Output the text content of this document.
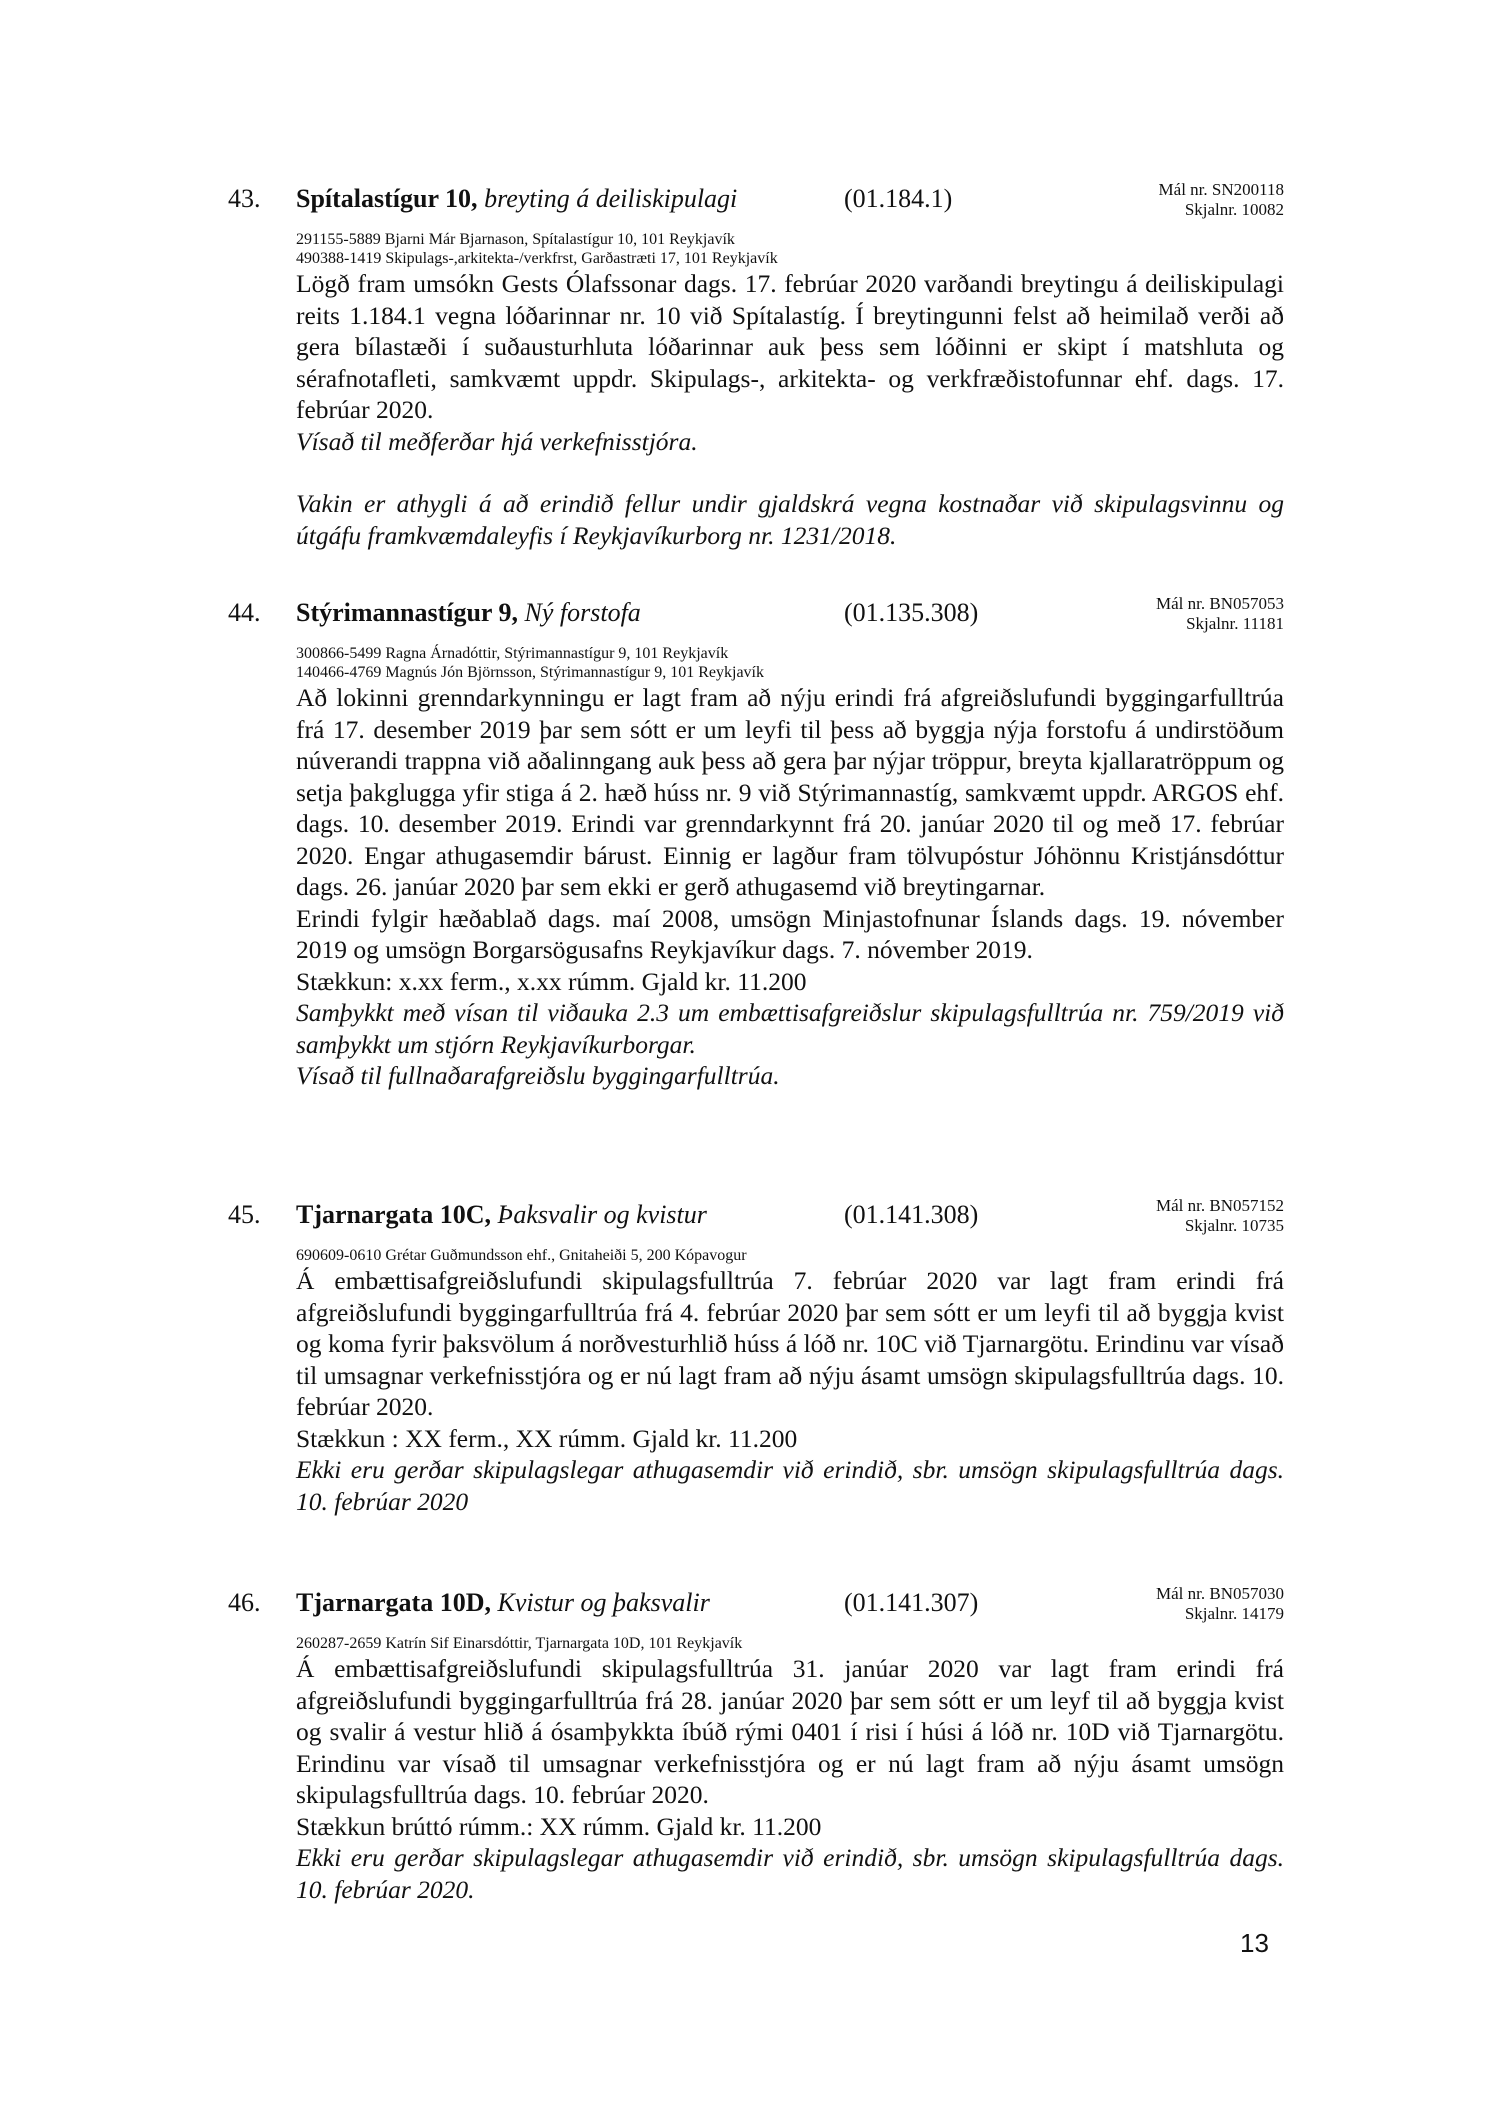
43. Spítalastígur 10, breyting á deiliskipulagi	(01.184.1)	Mál nr. SN200118
Skjalnr. 10082
291155-5889 Bjarni Már Bjarnason, Spítalastígur 10, 101 Reykjavík
490388-1419 Skipulags-,arkitekta-/verkfrst, Garðastræti 17, 101 Reykjavík

Lögð fram umsókn Gests Ólafssonar dags. 17. febrúar 2020 varðandi breytingu á deiliskipulagi reits 1.184.1 vegna lóðarinnar nr. 10 við Spítalastíg. Í breytingunni felst að heimilað verði að gera bílastæði í suðausturhluta lóðarinnar auk þess sem lóðinni er skipt í matshluta og sérafnotafleti, samkvæmt uppdr. Skipulags-, arkitekta- og verkfræðistofunnar ehf. dags. 17. febrúar 2020.

Vísað til meðferðar hjá verkefnisstjóra.

Vakin er athygli á að erindið fellur undir gjaldskrá vegna kostnaðar við skipulagsvinnu og útgáfu framkvæmdaleyfis í Reykjavíkurborg nr. 1231/2018.

44. Stýrimannastígur 9, Ný forstofa	(01.135.308)	Mál nr. BN057053
Skjalnr. 11181
300866-5499 Ragna Árnadóttir, Stýrimannastígur 9, 101 Reykjavík
140466-4769 Magnús Jón Björnsson, Stýrimannastígur 9, 101 Reykjavík

Að lokinni grenndarkynningu er lagt fram að nýju erindi frá afgreiðslufundi byggingarfulltrúa frá 17. desember 2019 þar sem sótt er um leyfi til þess að byggja nýja forstofu á undirstöðum núverandi trappna við aðalinngang auk þess að gera þar nýjar tröppur, breyta kjallaratröppum og setja þakglugga yfir stiga á 2. hæð húss nr. 9 við Stýrimannastíg, samkvæmt uppdr. ARGOS ehf. dags. 10. desember 2019. Erindi var grenndarkynnt frá 20. janúar 2020 til og með 17. febrúar 2020. Engar athugasemdir bárust. Einnig er lagður fram tölvupóstur Jóhönnu Kristjánsdóttur dags. 26. janúar 2020 þar sem ekki er gerð athugasemd við breytingarnar.

Erindi fylgir hæðablað dags. maí 2008, umsögn Minjastofnunar Íslands dags. 19. nóvember 2019 og umsögn Borgarsögusafns Reykjavíkur dags. 7. nóvember 2019.

Stækkun: x.xx ferm., x.xx rúmm. Gjald kr. 11.200

Samþykkt með vísan til viðauka 2.3 um embættisafgreiðslur skipulagsfulltrúa nr. 759/2019 við samþykkt um stjórn Reykjavíkurborgar.

Vísað til fullnaðarafgreiðslu byggingarfulltrúa.

45. Tjarnargata 10C, Þaksvalir og kvistur	(01.141.308)	Mál nr. BN057152
Skjalnr. 10735
690609-0610 Grétar Guðmundsson ehf., Gnitaheiði 5, 200 Kópavogur

Á embættisafgreiðslufundi skipulagsfulltrúa 7. febrúar 2020 var lagt fram erindi frá afgreiðslufundi byggingarfulltrúa frá 4. febrúar 2020 þar sem sótt er um leyfi til að byggja kvist og koma fyrir þaksvölum á norðvesturhlið húss á lóð nr. 10C við Tjarnargötu. Erindinu var vísað til umsagnar verkefnisstjóra og er nú lagt fram að nýju ásamt umsögn skipulagsfulltrúa dags. 10. febrúar 2020.

Stækkun : XX ferm., XX rúmm. Gjald kr. 11.200

Ekki eru gerðar skipulagslegar athugasemdir við erindið, sbr. umsögn skipulagsfulltrúa dags. 10. febrúar 2020

46. Tjarnargata 10D, Kvistur og þaksvalir	(01.141.307)	Mál nr. BN057030
Skjalnr. 14179
260287-2659 Katrín Sif Einarsdóttir, Tjarnargata 10D, 101 Reykjavík

Á embættisafgreiðslufundi skipulagsfulltrúa 31. janúar 2020 var lagt fram erindi frá afgreiðslufundi byggingarfulltrúa frá 28. janúar 2020 þar sem sótt er um leyf til að byggja kvist og svalir á vestur hlið á ósamþykkta íbúð rými 0401 í risi í húsi á lóð nr. 10D við Tjarnargötu. Erindinu var vísað til umsagnar verkefnisstjóra og er nú lagt fram að nýju ásamt umsögn skipulagsfulltrúa dags. 10. febrúar 2020.

Stækkun brúttó rúmm.: XX rúmm. Gjald kr. 11.200

Ekki eru gerðar skipulagslegar athugasemdir við erindið, sbr. umsögn skipulagsfulltrúa dags. 10. febrúar 2020.

13
